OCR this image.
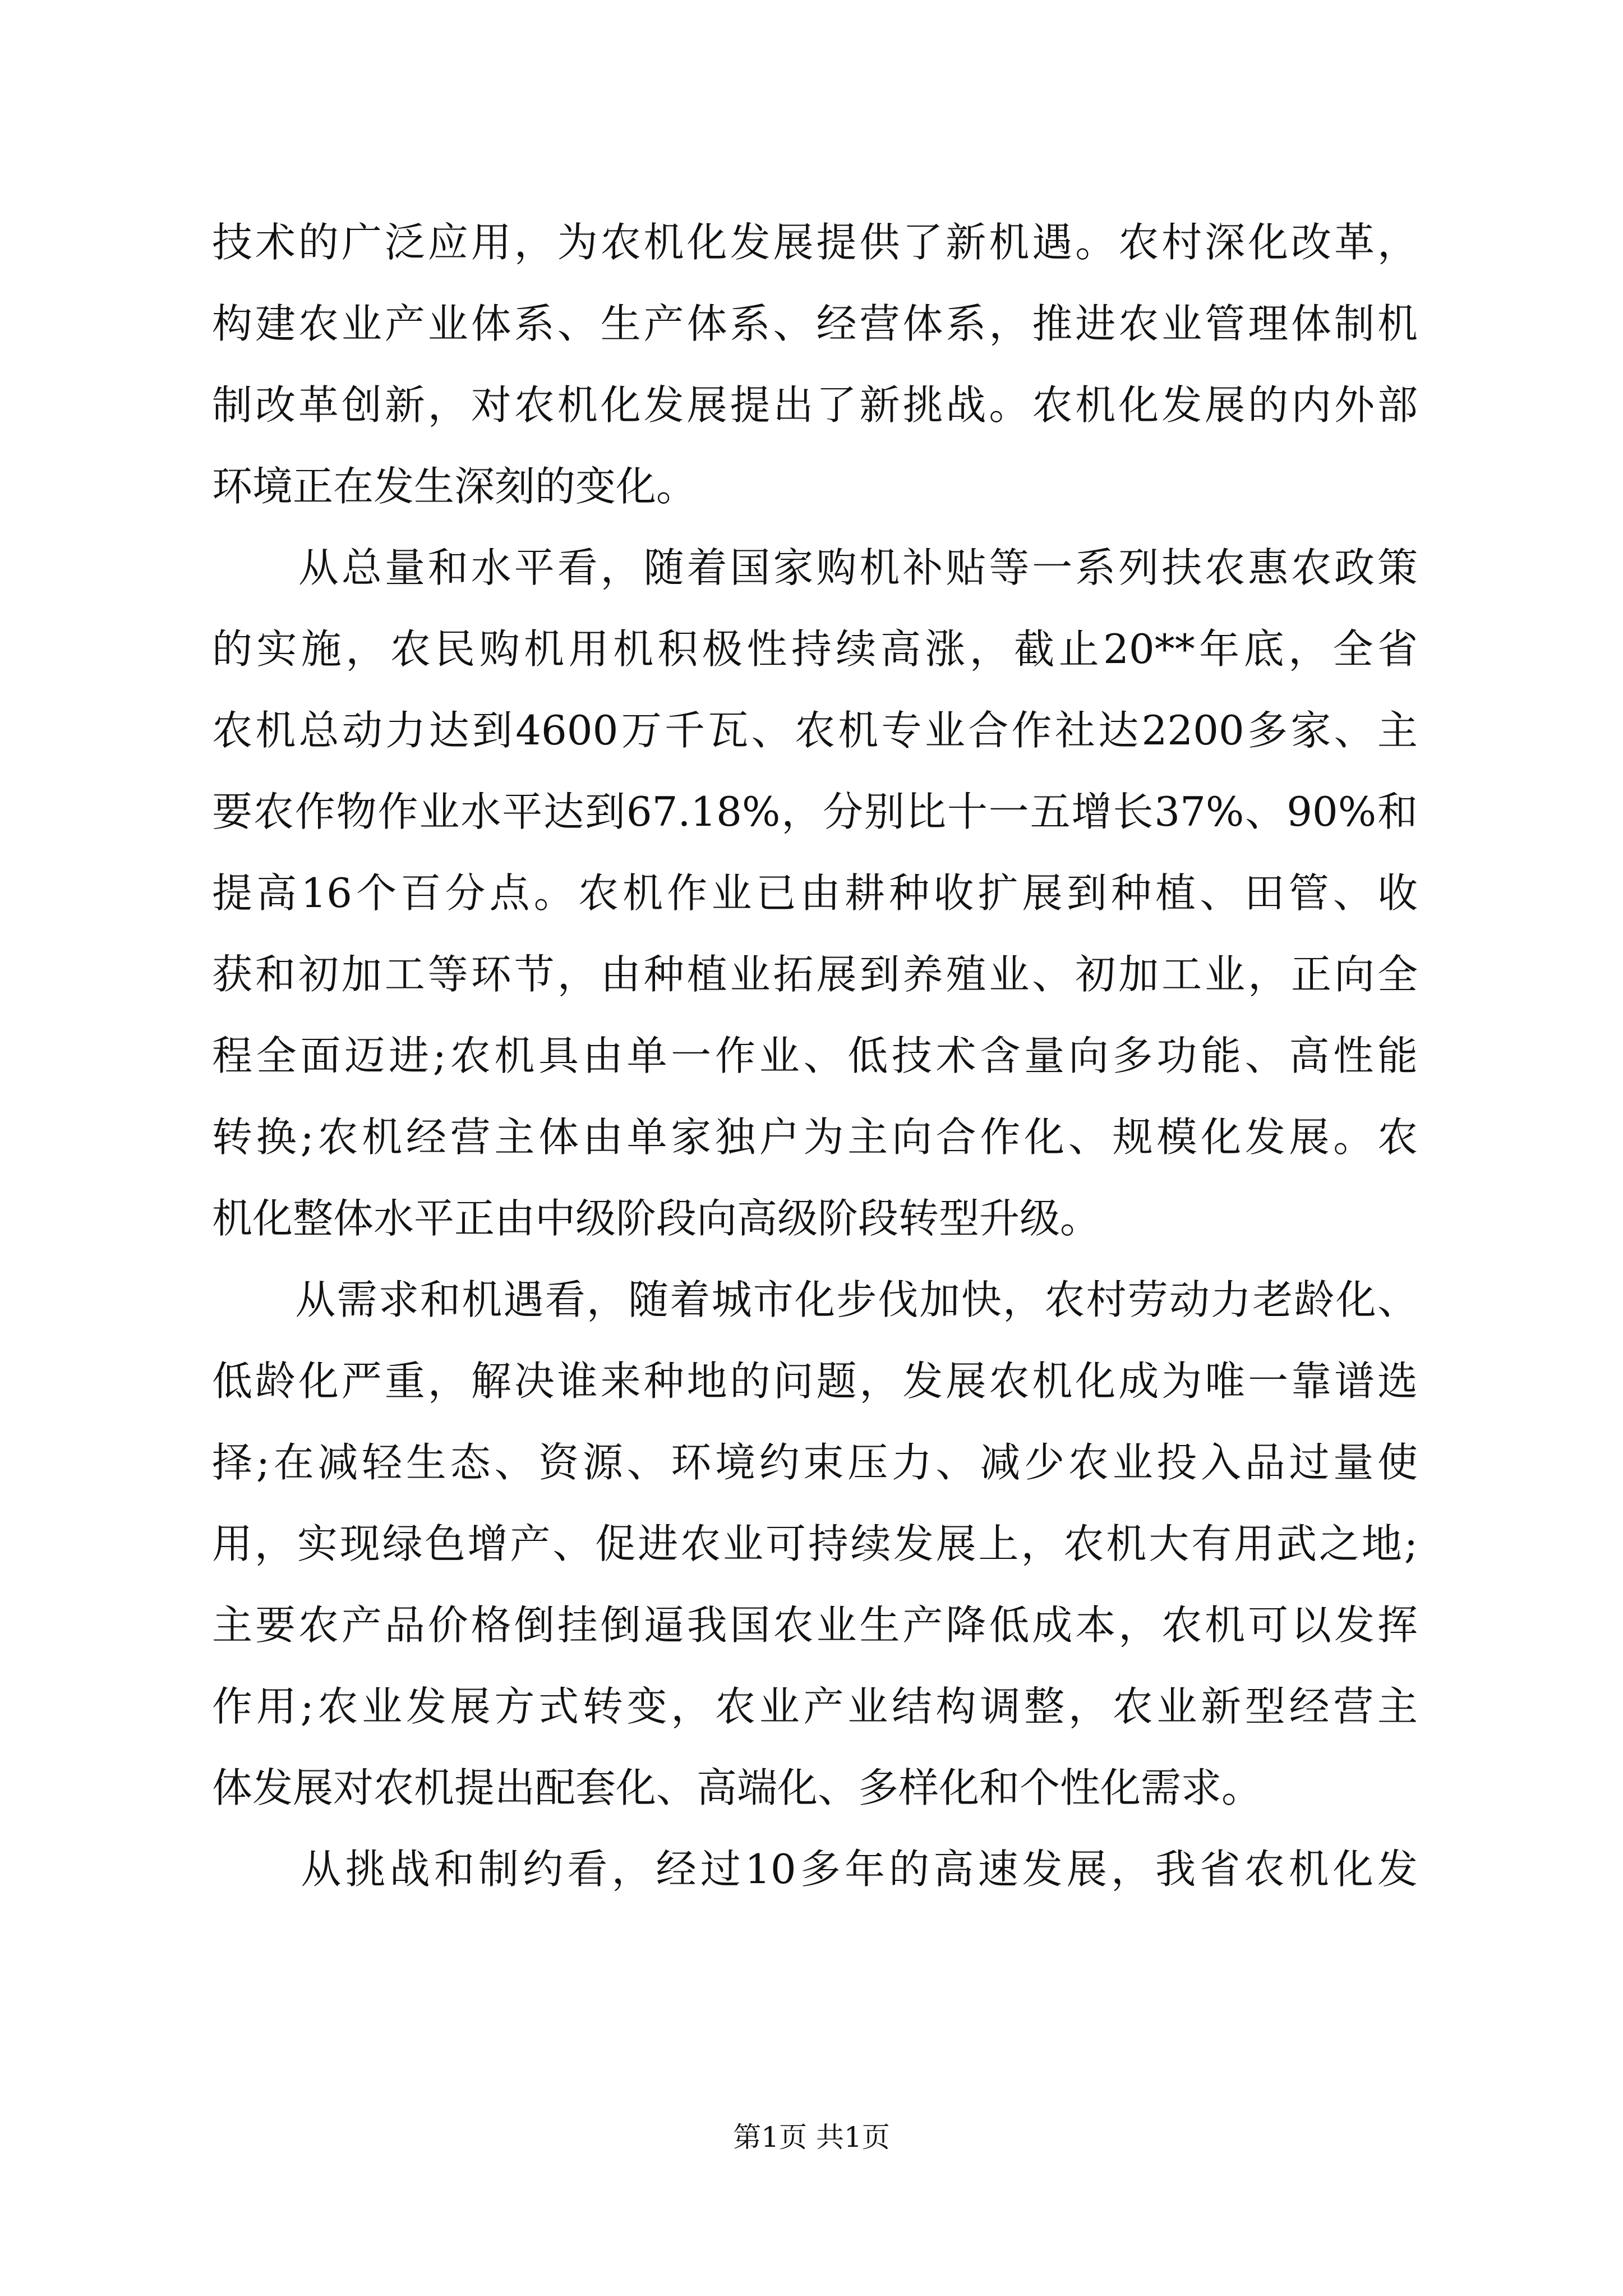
技术的广泛应用，为农机化发展提供了新机遇。农村深化改革，
构建农业产业体系、生产体系、经营体系，推进农业管理体制机
制改革创新，对农机化发展提出了新挑战。农机化发展的内外部
环境正在发生深刻的变化。
　　从总量和水平看，随着国家购机补贴等一系列扶农惠农政策
的实施，农民购机用机积极性持续高涨，截止20**年底，全省
农机总动力达到4600万千瓦、农机专业合作社达2200多家、主
要农作物作业水平达到67.18%，分别比十一五增长37%、90%和
提高16个百分点。农机作业已由耕种收扩展到种植、田管、收
获和初加工等环节，由种植业拓展到养殖业、初加工业，正向全
程全面迈进;农机具由单一作业、低技术含量向多功能、高性能
转换;农机经营主体由单家独户为主向合作化、规模化发展。农
机化整体水平正由中级阶段向高级阶段转型升级。
　　从需求和机遇看，随着城市化步伐加快，农村劳动力老龄化、
低龄化严重，解决谁来种地的问题，发展农机化成为唯一靠谱选
择;在减轻生态、资源、环境约束压力、减少农业投入品过量使
用，实现绿色增产、促进农业可持续发展上，农机大有用武之地;
主要农产品价格倒挂倒逼我国农业生产降低成本，农机可以发挥
作用;农业发展方式转变，农业产业结构调整，农业新型经营主
体发展对农机提出配套化、高端化、多样化和个性化需求。
　　从挑战和制约看，经过10多年的高速发展，我省农机化发
第1页 共1页
